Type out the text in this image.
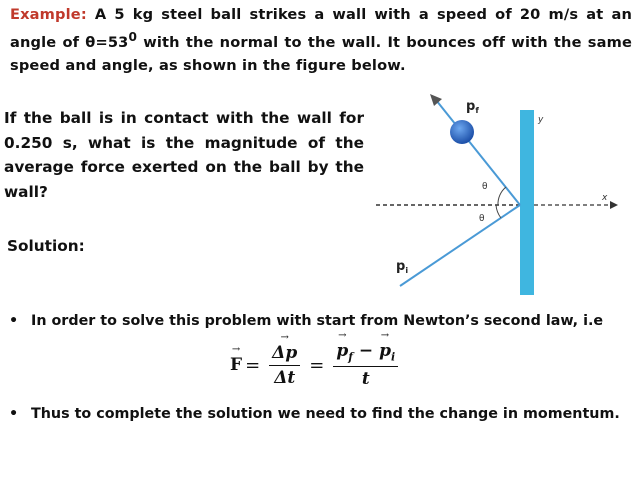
Example: A 5 kg steel ball strikes a wall with a speed of 20 m/s at an angle of $\theta=53^0$ with the normal to the wall. It bounces off with the same speed and angle, as shown in the figure below.
If the ball is in contact with the wall for 0.250 s, what is the magnitude of the average force exerted on the ball by the wall?
Solution:
• In order to solve this problem with start from Newton’s second law, i.e
→ F = → $\frac{\Delta p}{\Delta t}$ = → $\frac{p_f - \to p_i}{t}$
• Thus to complete the solution we need to find the change in momentum.
$p_f$
$p_i$
θ
θ
x
y
